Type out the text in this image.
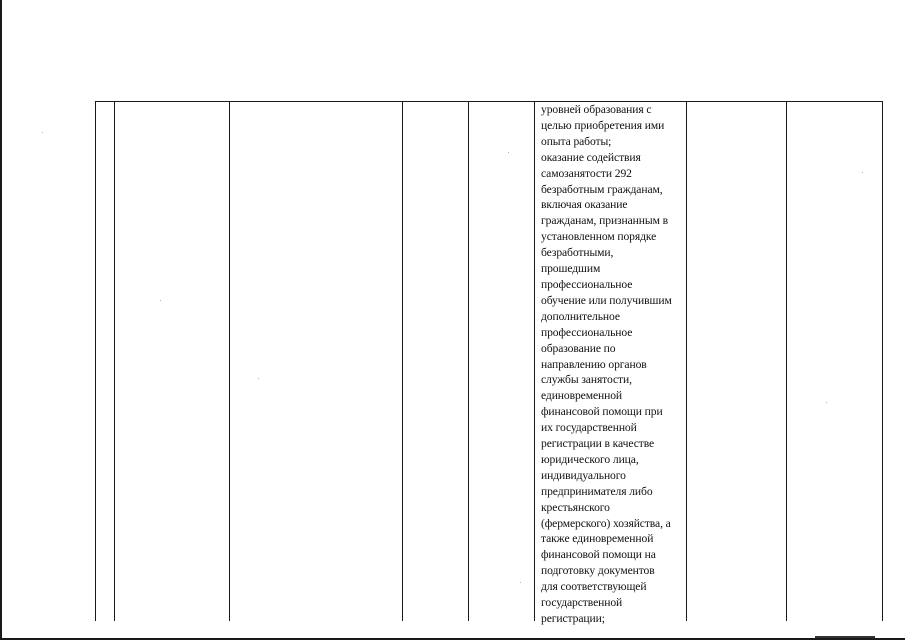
уровней образования с
целью приобретения ими
опыта работы;
оказание содействия
самозанятости 292
безработным гражданам,
включая оказание
гражданам, признанным в
установленном порядке
безработными,
прошедшим
профессиональное
обучение или получившим
дополнительное
профессиональное
образование по
направлению органов
службы занятости,
единовременной
финансовой помощи при
их государственной
регистрации в качестве
юридического лица,
индивидуального
предпринимателя либо
крестьянского
(фермерского) хозяйства, а
также единовременной
финансовой помощи на
подготовку документов
для соответствующей
государственной
регистрации;
